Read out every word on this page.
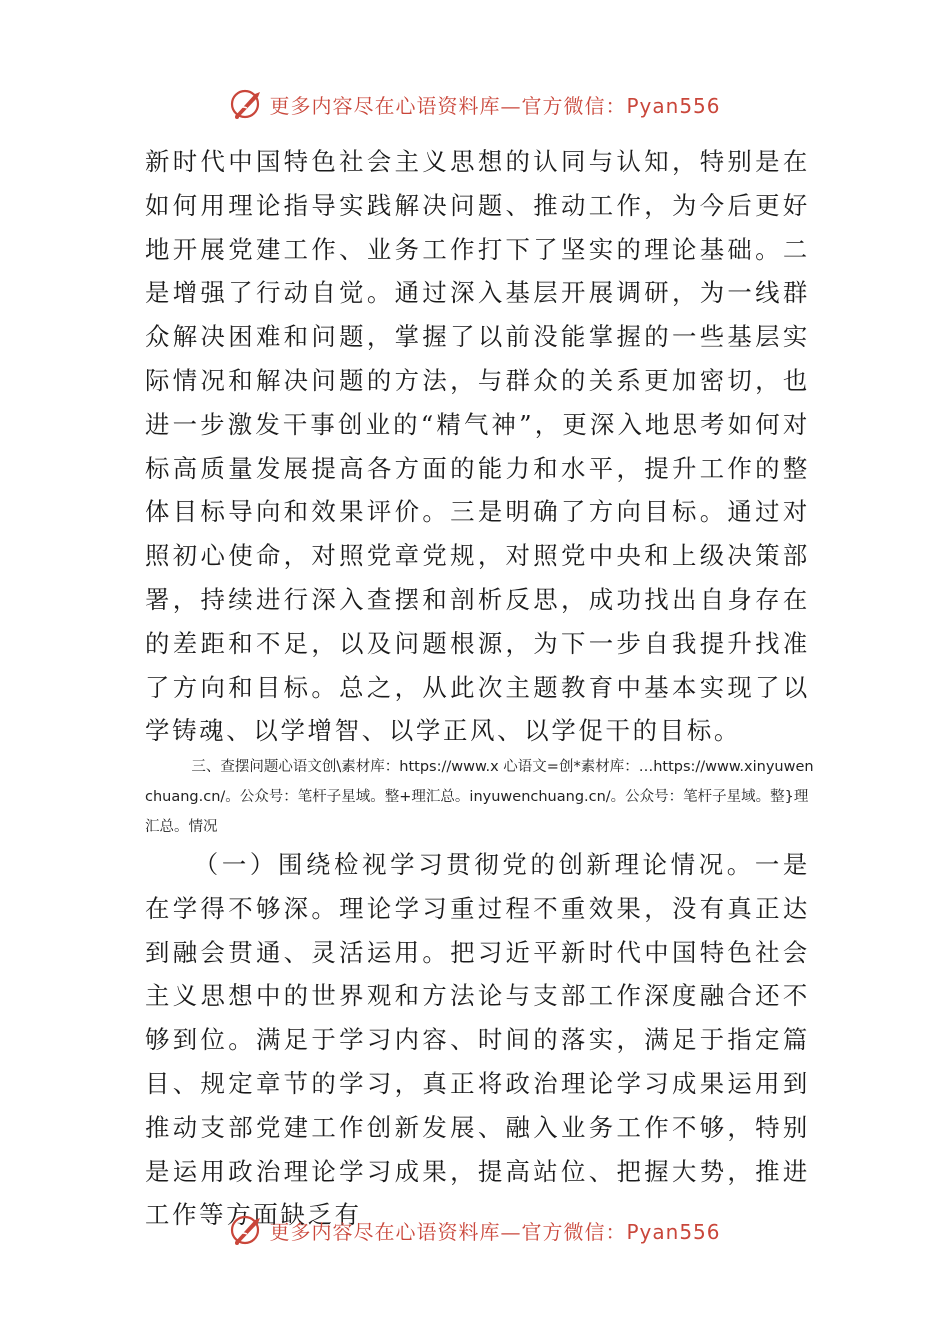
更多内容尽在心语资料库—官方微信：Pyan556

新时代中国特色社会主义思想的认同与认知，特别是在如何用理论指导实践解决问题、推动工作，为今后更好地开展党建工作、业务工作打下了坚实的理论基础。二是增强了行动自觉。通过深入基层开展调研，为一线群众解决困难和问题，掌握了以前没能掌握的一些基层实际情况和解决问题的方法，与群众的关系更加密切，也进一步激发干事创业的“精气神”，更深入地思考如何对标高质量发展提高各方面的能力和水平，提升工作的整体目标导向和效果评价。三是明确了方向目标。通过对照初心使命，对照党章党规，对照党中央和上级决策部署，持续进行深入查摆和剖析反思，成功找出自身存在的差距和不足，以及问题根源，为下一步自我提升找准了方向和目标。总之，从此次主题教育中基本实现了以学铸魂、以学增智、以学正风、以学促干的目标。

三、查摆问题心语文创\素材库：https://www.x 心语文=创*素材库：…https://www.xinyuwenchuang.cn/。公众号：笔杆子星域。整+理汇总。inyuwenchuang.cn/。公众号：笔杆子星域。整}理汇总。情况

（一）围绕检视学习贯彻党的创新理论情况。一是在学得不够深。理论学习重过程不重效果，没有真正达到融会贯通、灵活运用。把习近平新时代中国特色社会主义思想中的世界观和方法论与支部工作深度融合还不够到位。满足于学习内容、时间的落实，满足于指定篇目、规定章节的学习，真正将政治理论学习成果运用到推动支部党建工作创新发展、融入业务工作不够，特别是运用政治理论学习成果，提高站位、把握大势，推进工作等方面缺乏有

更多内容尽在心语资料库—官方微信：Pyan556
